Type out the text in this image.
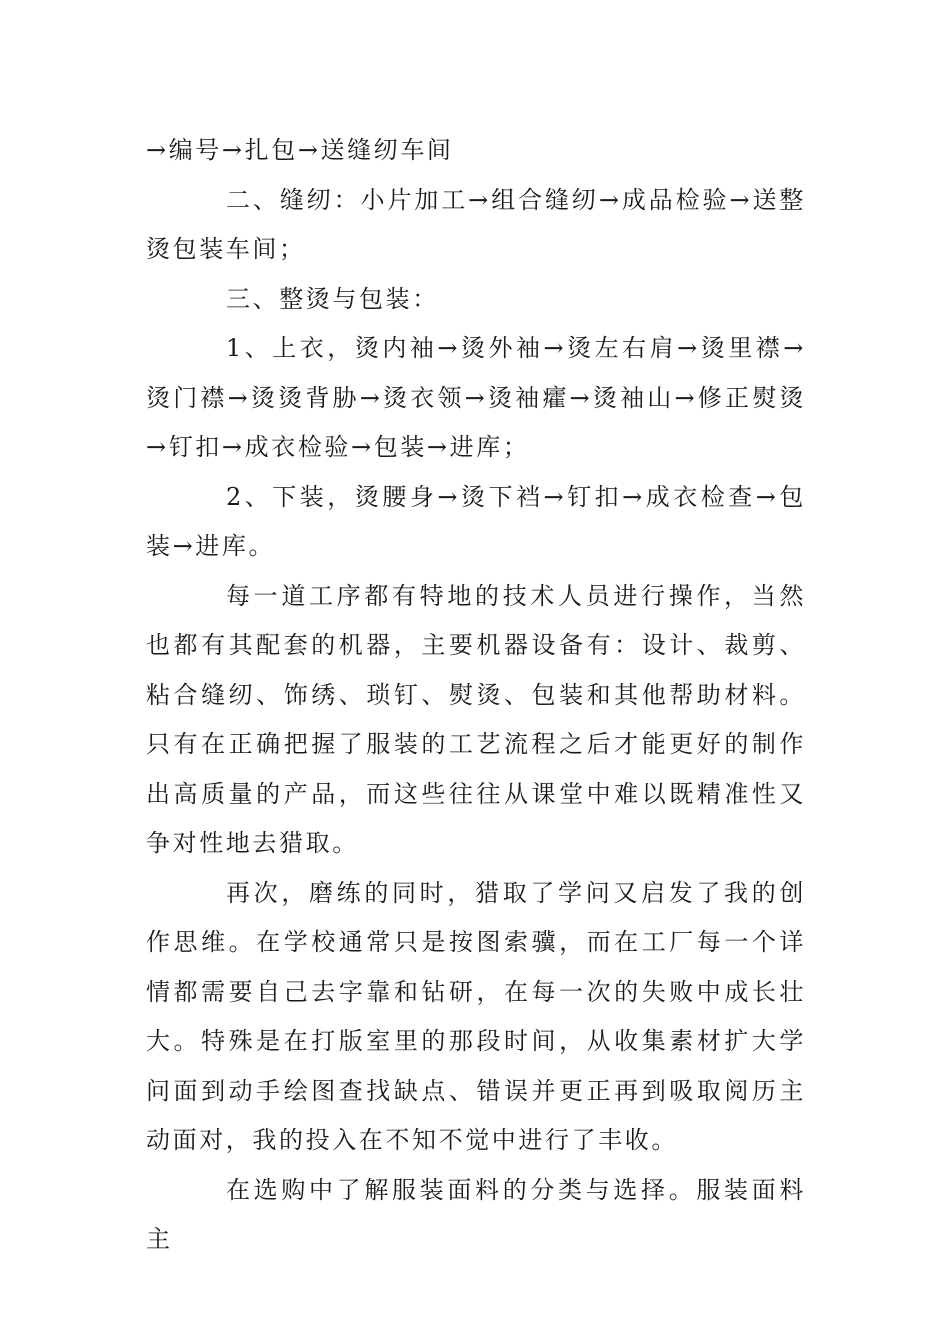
→编号→扎包→送缝纫车间

二、缝纫：小片加工→组合缝纫→成品检验→送整烫包装车间；

三、整烫与包装：

1、上衣，烫内袖→烫外袖→烫左右肩→烫里襟→烫门襟→烫烫背胁→烫衣领→烫袖癨→烫袖山→修正熨烫→钉扣→成衣检验→包装→进库；

2、下装，烫腰身→烫下裆→钉扣→成衣检查→包装→进库。

每一道工序都有特地的技术人员进行操作，当然也都有其配套的机器，主要机器设备有：设计、裁剪、粘合缝纫、饰绣、琐钉、熨烫、包装和其他帮助材料。只有在正确把握了服装的工艺流程之后才能更好的制作出高质量的产品，而这些往往从课堂中难以既精准性又争对性地去猎取。

再次，磨练的同时，猎取了学问又启发了我的创作思维。在学校通常只是按图索骥，而在工厂每一个详情都需要自己去字靠和钻研，在每一次的失败中成长壮大。特殊是在打版室里的那段时间，从收集素材扩大学问面到动手绘图查找缺点、错误并更正再到吸取阅历主动面对，我的投入在不知不觉中进行了丰收。

在选购中了解服装面料的分类与选择。服装面料主
